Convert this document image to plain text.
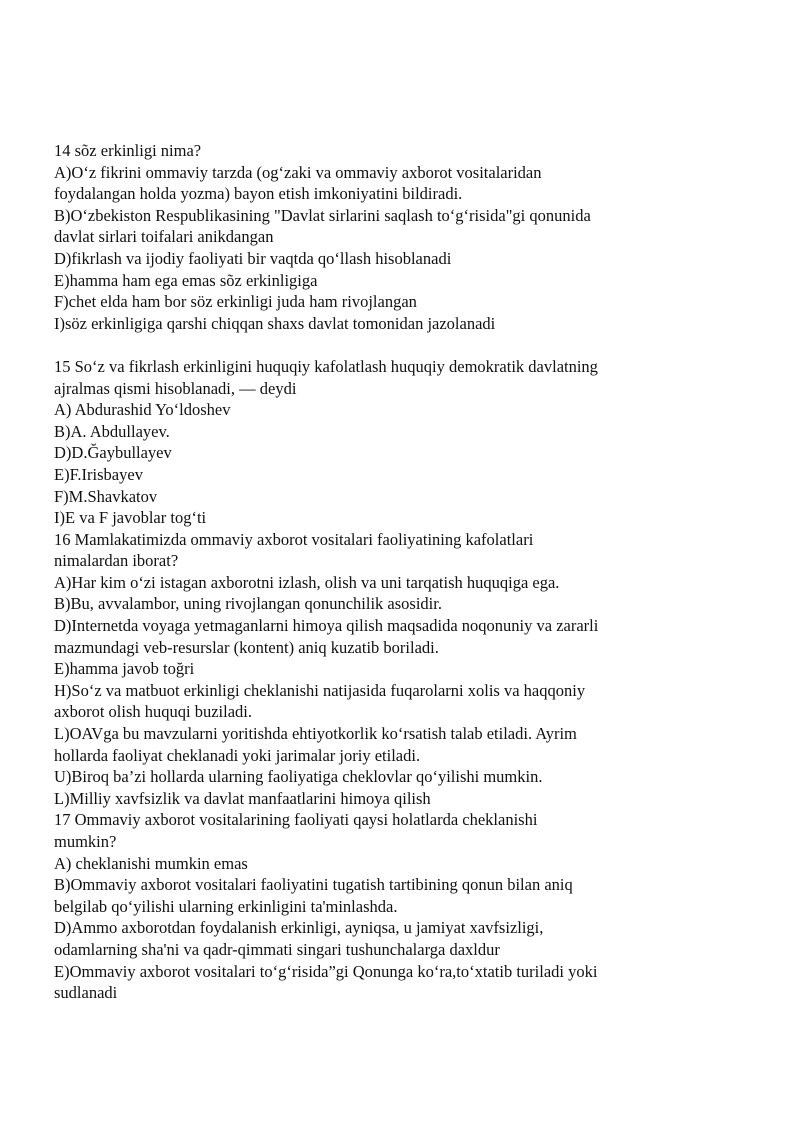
14 sõz erkinligi nima?
A)O‘z fikrini ommaviy tarzda (og‘zaki va ommaviy axborot vositalaridan
foydalangan holda yozma) bayon etish imkoniyatini bildiradi.
B)O‘zbekiston Respublikasining "Davlat sirlarini saqlash to‘g‘risida"gi qonunida
davlat sirlari toifalari anikdangan
D)fikrlash va ijodiy faoliyati bir vaqtda qo‘llash hisoblanadi
E)hamma ham ega emas sõz erkinligiga
F)chet elda ham bor söz erkinligi juda ham rivojlangan
I)söz erkinligiga qarshi chiqqan shaxs davlat tomonidan jazolanadi
15 So‘z va fikrlash erkinligini huquqiy kafolatlash huquqiy demokratik davlatning
ajralmas qismi hisoblanadi, — deydi
A) Abdurashid Yo‘ldoshev
B)A. Abdullayev.
D)D.Ğaybullayev
E)F.Irisbayev
F)M.Shavkatov
I)E va F javoblar tog‘ti
16 Mamlakatimizda ommaviy axborot vositalari faoliyatining kafolatlari
nimalardan iborat?
A)Har kim o‘zi istagan axborotni izlash, olish va uni tarqatish huquqiga ega.
B)Bu, avvalambor, uning rivojlangan qonunchilik asosidir.
D)Internetda voyaga yetmaganlarni himoya qilish maqsadida noqonuniy va zararli
mazmundagi veb-resurslar (kontent) aniq kuzatib boriladi.
E)hamma javob toğri
H)So‘z va matbuot erkinligi cheklanishi natijasida fuqarolarni xolis va haqqoniy
axborot olish huquqi buziladi.
L)OAVga bu mavzularni yoritishda ehtiyotkorlik ko‘rsatish talab etiladi. Ayrim
hollarda faoliyat cheklanadi yoki jarimalar joriy etiladi.
U)Biroq ba’zi hollarda ularning faoliyatiga cheklovlar qo‘yilishi mumkin.
L)Milliy xavfsizlik va davlat manfaatlarini himoya qilish
17 Ommaviy axborot vositalarining faoliyati qaysi holatlarda cheklanishi
mumkin?
A) cheklanishi mumkin emas
B)Ommaviy axborot vositalari faoliyatini tugatish tartibining qonun bilan aniq
belgilab qo‘yilishi ularning erkinligini ta'minlashda.
D)Ammo axborotdan foydalanish erkinligi, ayniqsa, u jamiyat xavfsizligi,
odamlarning sha'ni va qadr-qimmati singari tushunchalarga daxldur
E)Ommaviy axborot vositalari to‘g‘risida”gi Qonunga ko‘ra,to‘xtatib turiladi yoki
sudlanadi
